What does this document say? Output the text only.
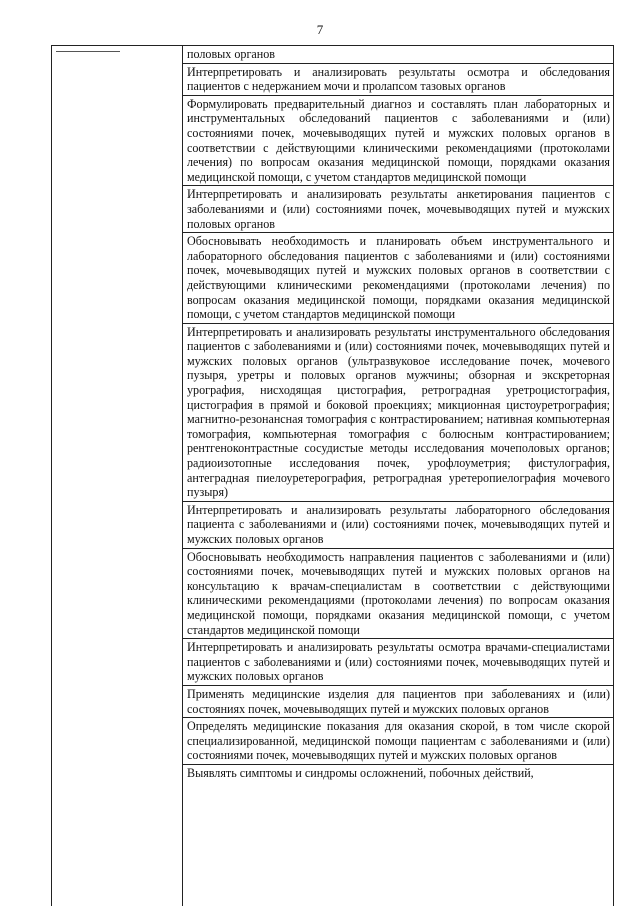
7
половых органов
Интерпретировать и анализировать результаты осмотра и обследования пациентов с недержанием мочи и пролапсом тазовых органов
Формулировать предварительный диагноз и составлять план лабораторных и инструментальных обследований пациентов с заболеваниями и (или) состояниями почек, мочевыводящих путей и мужских половых органов в соответствии с действующими клиническими рекомендациями (протоколами лечения) по вопросам оказания медицинской помощи, порядками оказания медицинской помощи, с учетом стандартов медицинской помощи
Интерпретировать и анализировать результаты анкетирования пациентов с заболеваниями и (или) состояниями почек, мочевыводящих путей и мужских половых органов
Обосновывать необходимость и планировать объем инструментального и лабораторного обследования пациентов с заболеваниями и (или) состояниями почек, мочевыводящих путей и мужских половых органов в соответствии с действующими клиническими рекомендациями (протоколами лечения) по вопросам оказания медицинской помощи, порядками оказания медицинской помощи, с учетом стандартов медицинской помощи
Интерпретировать и анализировать результаты инструментального обследования пациентов с заболеваниями и (или) состояниями почек, мочевыводящих путей и мужских половых органов (ультразвуковое исследование почек, мочевого пузыря, уретры и половых органов мужчины; обзорная и экскреторная урография, нисходящая цистография, ретроградная уретроцистография, цистография в прямой и боковой проекциях; микционная цистоуретрография; магнитно-резонансная томография с контрастированием; нативная компьютерная томография, компьютерная томография с болюсным контрастированием; рентгеноконтрастные сосудистые методы исследования мочеполовых органов; радиоизотопные исследования почек, урофлоуметрия; фистулография, антеградная пиелоуретерография, ретроградная уретеропиелография мочевого пузыря)
Интерпретировать и анализировать результаты лабораторного обследования пациента с заболеваниями и (или) состояниями почек, мочевыводящих путей и мужских половых органов
Обосновывать необходимость направления пациентов с заболеваниями и (или) состояниями почек, мочевыводящих путей и мужских половых органов на консультацию к врачам-специалистам в соответствии с действующими клиническими рекомендациями (протоколами лечения) по вопросам оказания медицинской помощи, порядками оказания медицинской помощи, с учетом стандартов медицинской помощи
Интерпретировать и анализировать результаты осмотра врачами-специалистами пациентов с заболеваниями и (или) состояниями почек, мочевыводящих путей и мужских половых органов
Применять медицинские изделия для пациентов при заболеваниях и (или) состояниях почек, мочевыводящих путей и мужских половых органов
Определять медицинские показания для оказания скорой, в том числе скорой специализированной, медицинской помощи пациентам с заболеваниями и (или) состояниями почек, мочевыводящих путей и мужских половых органов
Выявлять симптомы и синдромы осложнений, побочных действий,
